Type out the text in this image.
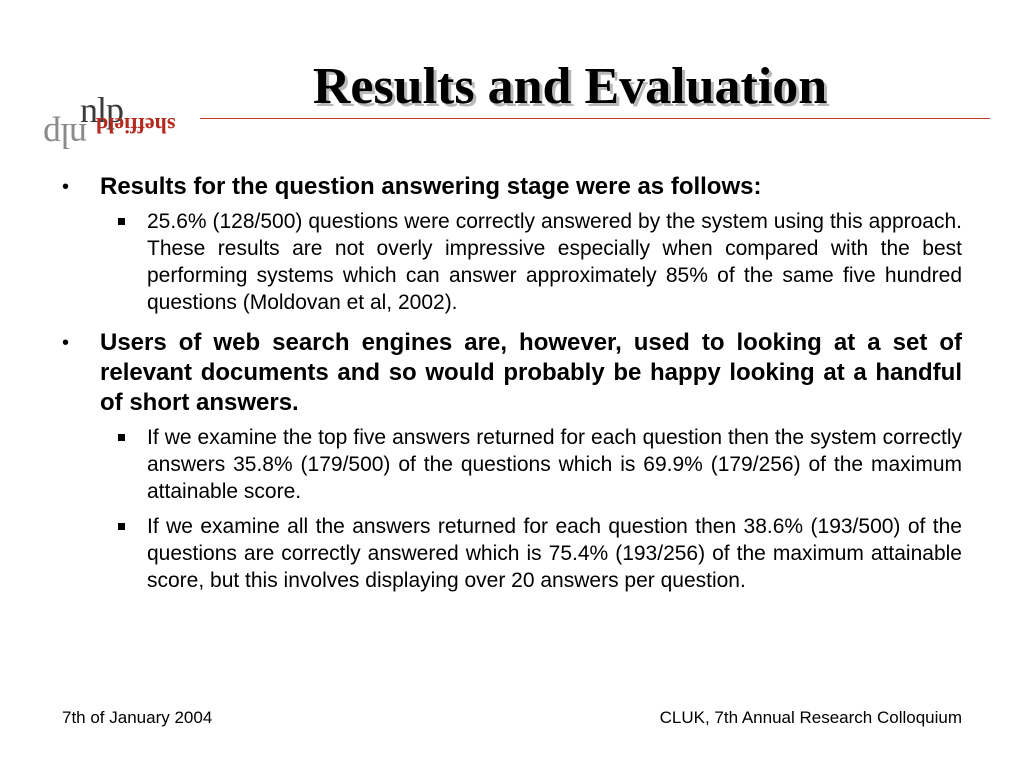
nlp
nlp sheffield
Results and Evaluation
• Results for the question answering stage were as follows:
25.6% (128/500) questions were correctly answered by the system using this approach. These results are not overly impressive especially when compared with the best performing systems which can answer approximately 85% of the same five hundred questions (Moldovan et al, 2002).
• Users of web search engines are, however, used to looking at a set of relevant documents and so would probably be happy looking at a handful of short answers.
If we examine the top five answers returned for each question then the system correctly answers 35.8% (179/500) of the questions which is 69.9% (179/256) of the maximum attainable score.
If we examine all the answers returned for each question then 38.6% (193/500) of the questions are correctly answered which is 75.4% (193/256) of the maximum attainable score, but this involves displaying over 20 answers per question.
7th of January 2004	CLUK, 7th Annual Research Colloquium
